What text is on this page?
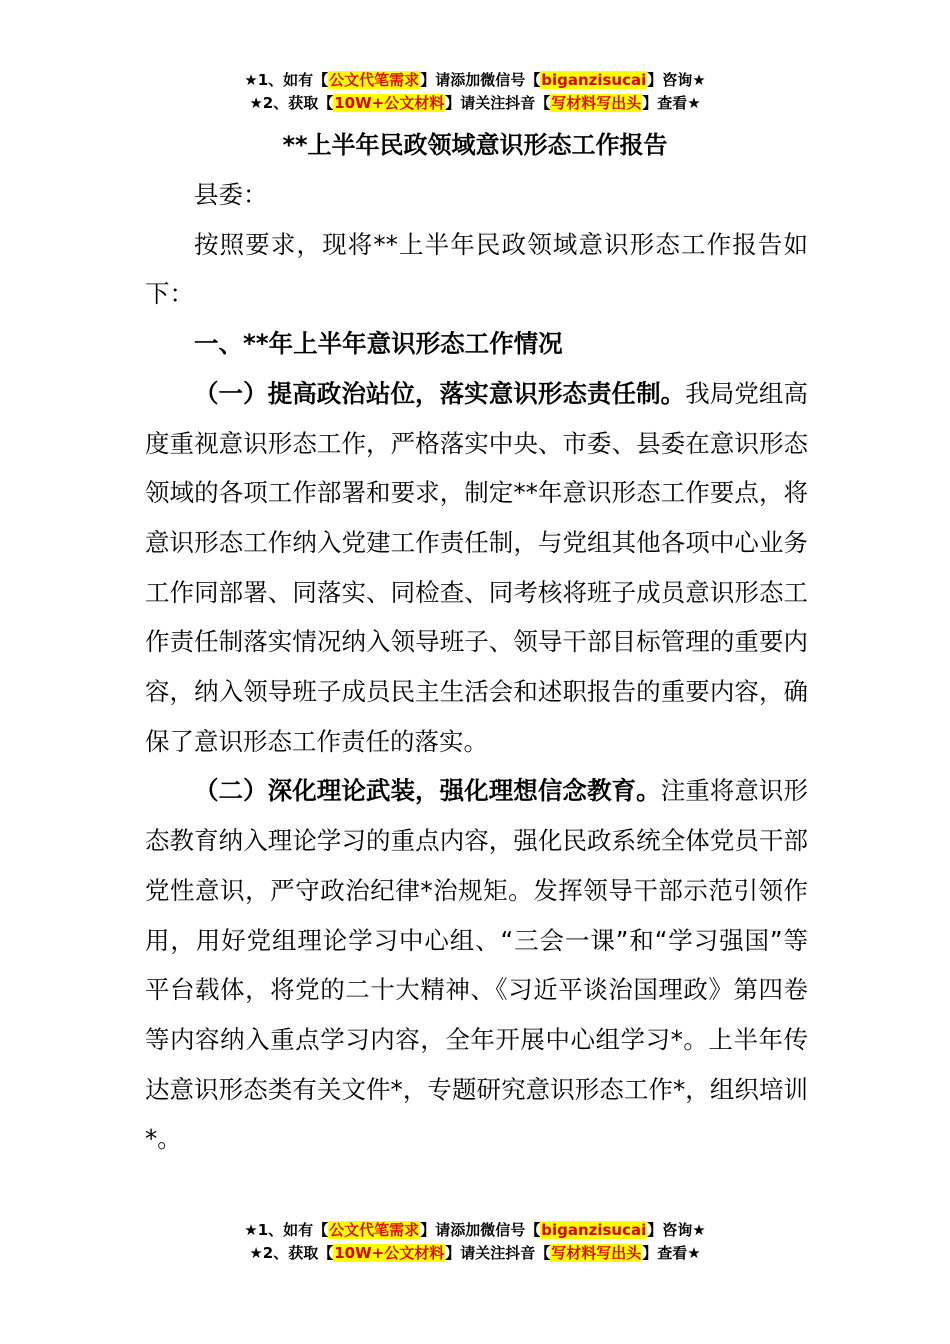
★1、如有【公文代笔需求】请添加微信号【biganzisucai】咨询★
★2、获取【10W+公文材料】请关注抖音【写材料写出头】查看★
**上半年民政领域意识形态工作报告

县委：

按照要求，现将**上半年民政领域意识形态工作报告如下：

一、**年上半年意识形态工作情况

（一）提高政治站位，落实意识形态责任制。我局党组高度重视意识形态工作，严格落实中央、市委、县委在意识形态领域的各项工作部署和要求，制定**年意识形态工作要点，将意识形态工作纳入党建工作责任制，与党组其他各项中心业务工作同部署、同落实、同检查、同考核将班子成员意识形态工作责任制落实情况纳入领导班子、领导干部目标管理的重要内容，纳入领导班子成员民主生活会和述职报告的重要内容，确保了意识形态工作责任的落实。

（二）深化理论武装，强化理想信念教育。注重将意识形态教育纳入理论学习的重点内容，强化民政系统全体党员干部党性意识，严守政治纪律*治规矩。发挥领导干部示范引领作用，用好党组理论学习中心组、“三会一课”和“学习强国”等平台载体，将党的二十大精神、《习近平谈治国理政》第四卷等内容纳入重点学习内容，全年开展中心组学习*。上半年传达意识形态类有关文件*，专题研究意识形态工作*，组织培训*。

★1、如有【公文代笔需求】请添加微信号【biganzisucai】咨询★
★2、获取【10W+公文材料】请关注抖音【写材料写出头】查看★
